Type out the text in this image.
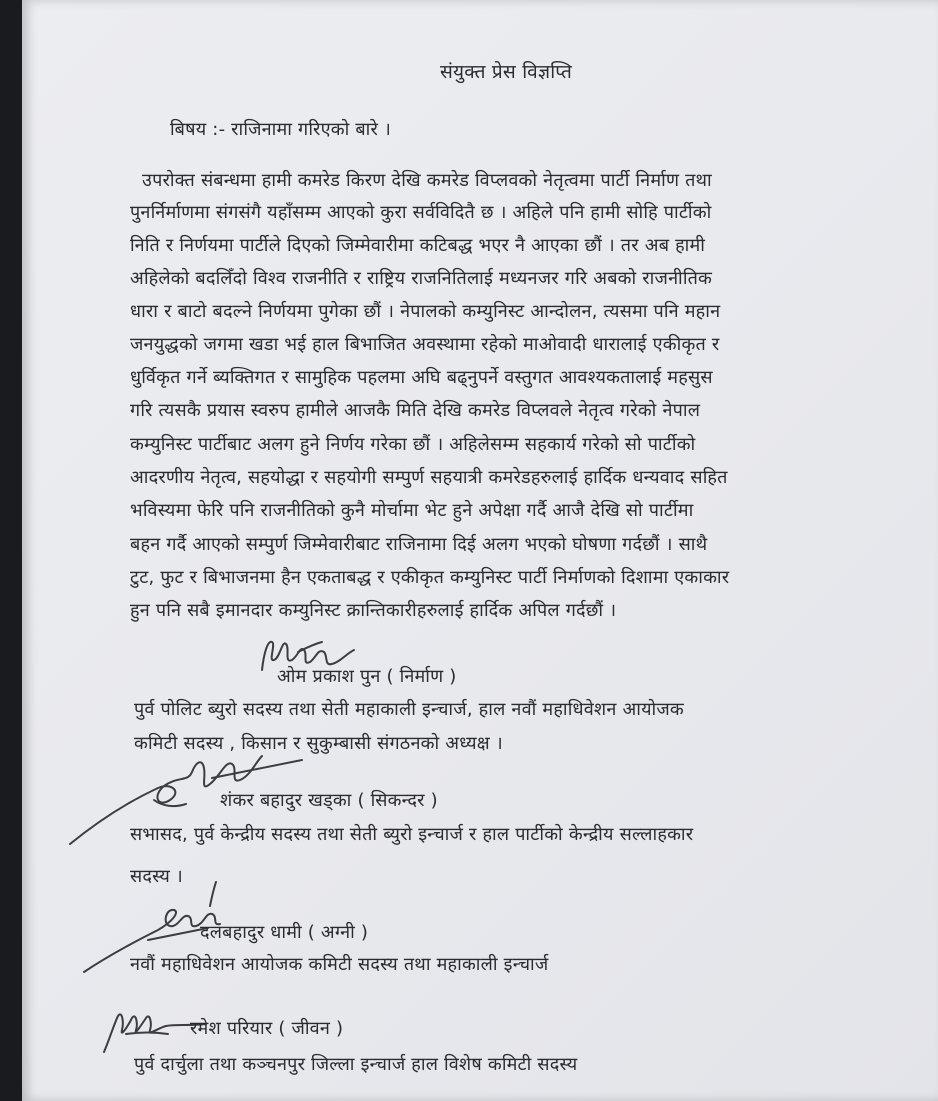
संयुक्त प्रेस विज्ञप्ति

बिषय :- राजिनामा गरिएको बारे ।

उपरोक्त संबन्धमा हामी कमरेड किरण देखि कमरेड विप्लवको नेतृत्वमा पार्टी निर्माण तथा

पुनर्निर्माणमा संगसंगै यहाँसम्म आएको कुरा सर्वविदितै छ । अहिले पनि हामी सोहि पार्टीको

निति र निर्णयमा पार्टीले दिएको जिम्मेवारीमा कटिबद्ध भएर नै आएका छौं । तर अब हामी

अहिलेको बदलिँदो विश्व राजनीति र राष्ट्रिय राजनितिलाई मध्यनजर गरि अबको राजनीतिक

धारा र बाटो बदल्ने निर्णयमा पुगेका छौं । नेपालको कम्युनिस्ट आन्दोलन, त्यसमा पनि महान

जनयुद्धको जगमा खडा भई हाल बिभाजित अवस्थामा रहेको माओवादी धारालाई एकीकृत र

धुर्विकृत गर्ने ब्यक्तिगत र सामुहिक पहलमा अघि बढ्नुपर्ने वस्तुगत आवश्यकतालाई महसुस

गरि त्यसकै प्रयास स्वरुप हामीले आजकै मिति देखि कमरेड विप्लवले नेतृत्व गरेको नेपाल

कम्युनिस्ट पार्टीबाट अलग हुने निर्णय गरेका छौं । अहिलेसम्म सहकार्य गरेको सो पार्टीको

आदरणीय नेतृत्व, सहयोद्धा र सहयोगी सम्पुर्ण सहयात्री कमरेडहरुलाई हार्दिक धन्यवाद सहित

भविस्यमा फेरि पनि राजनीतिको कुनै मोर्चामा भेट हुने अपेक्षा गर्दै आजै देखि सो पार्टीमा

बहन गर्दै आएको सम्पुर्ण जिम्मेवारीबाट राजिनामा दिई अलग भएको घोषणा गर्दछौं । साथै

टुट, फुट र बिभाजनमा हैन एकताबद्ध र एकीकृत कम्युनिस्ट पार्टी निर्माणको दिशामा एकाकार

हुन पनि सबै इमानदार कम्युनिस्ट क्रान्तिकारीहरुलाई हार्दिक अपिल गर्दछौं ।

ओम प्रकाश पुन ( निर्माण )

पुर्व पोलिट ब्युरो सदस्य तथा सेती महाकाली इन्चार्ज, हाल नवौं महाधिवेशन आयोजक

कमिटी सदस्य , किसान र सुकुम्बासी संगठनको अध्यक्ष ।

शंकर बहादुर खड्का ( सिकन्दर )

सभासद, पुर्व केन्द्रीय सदस्य तथा सेती ब्युरो इन्चार्ज र हाल पार्टीको केन्द्रीय सल्लाहकार

सदस्य ।

दलबहादुर धामी ( अग्नी )

नवौं महाधिवेशन आयोजक कमिटी सदस्य तथा महाकाली इन्चार्ज

रमेश परियार ( जीवन )

पुर्व दार्चुला तथा कञ्चनपुर जिल्ला इन्चार्ज हाल विशेष कमिटी सदस्य
